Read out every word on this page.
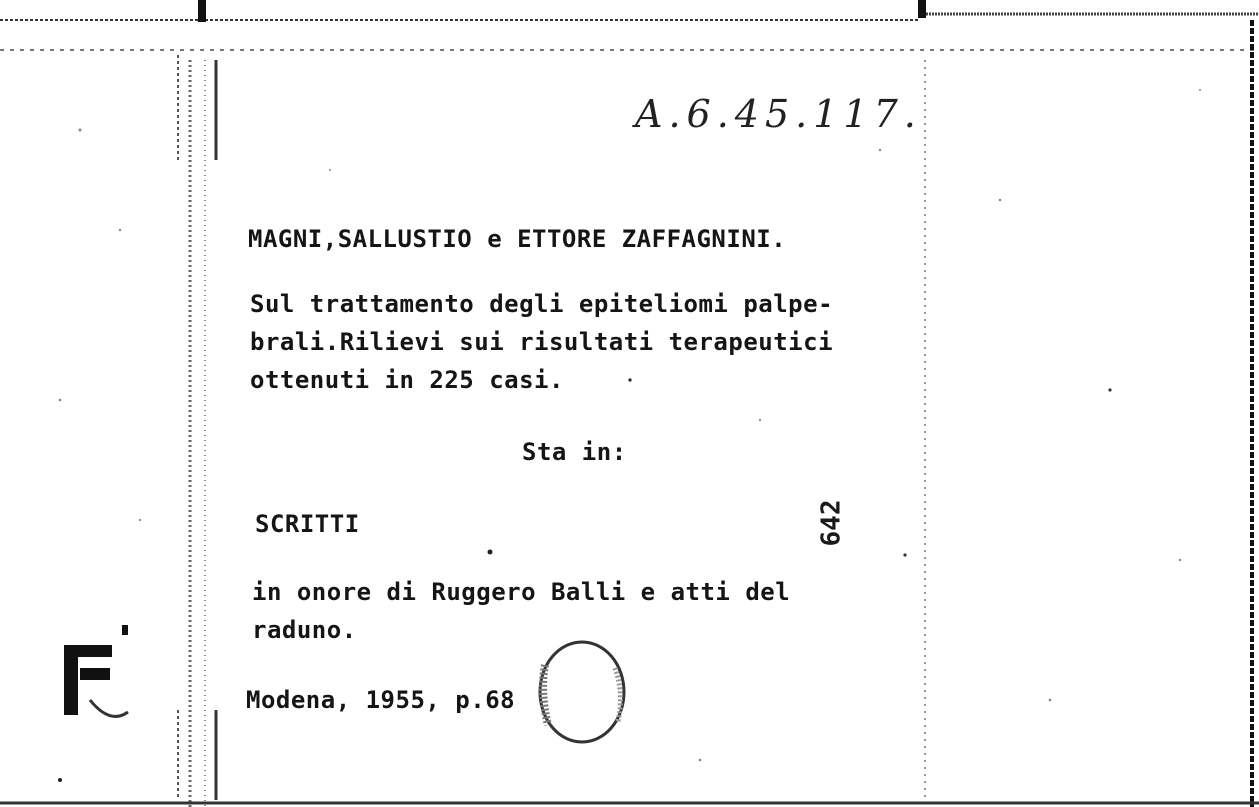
A.6.45.117.
MAGNI,SALLUSTIO e ETTORE ZAFFAGNINI.
Sul trattamento degli epiteliomi palpe-
brali.Rilievi sui risultati terapeutici
ottenuti in 225 casi.
Sta in:
SCRITTI	642
in onore di Ruggero Balli e atti del
raduno.
Modena, 1955, p.68
